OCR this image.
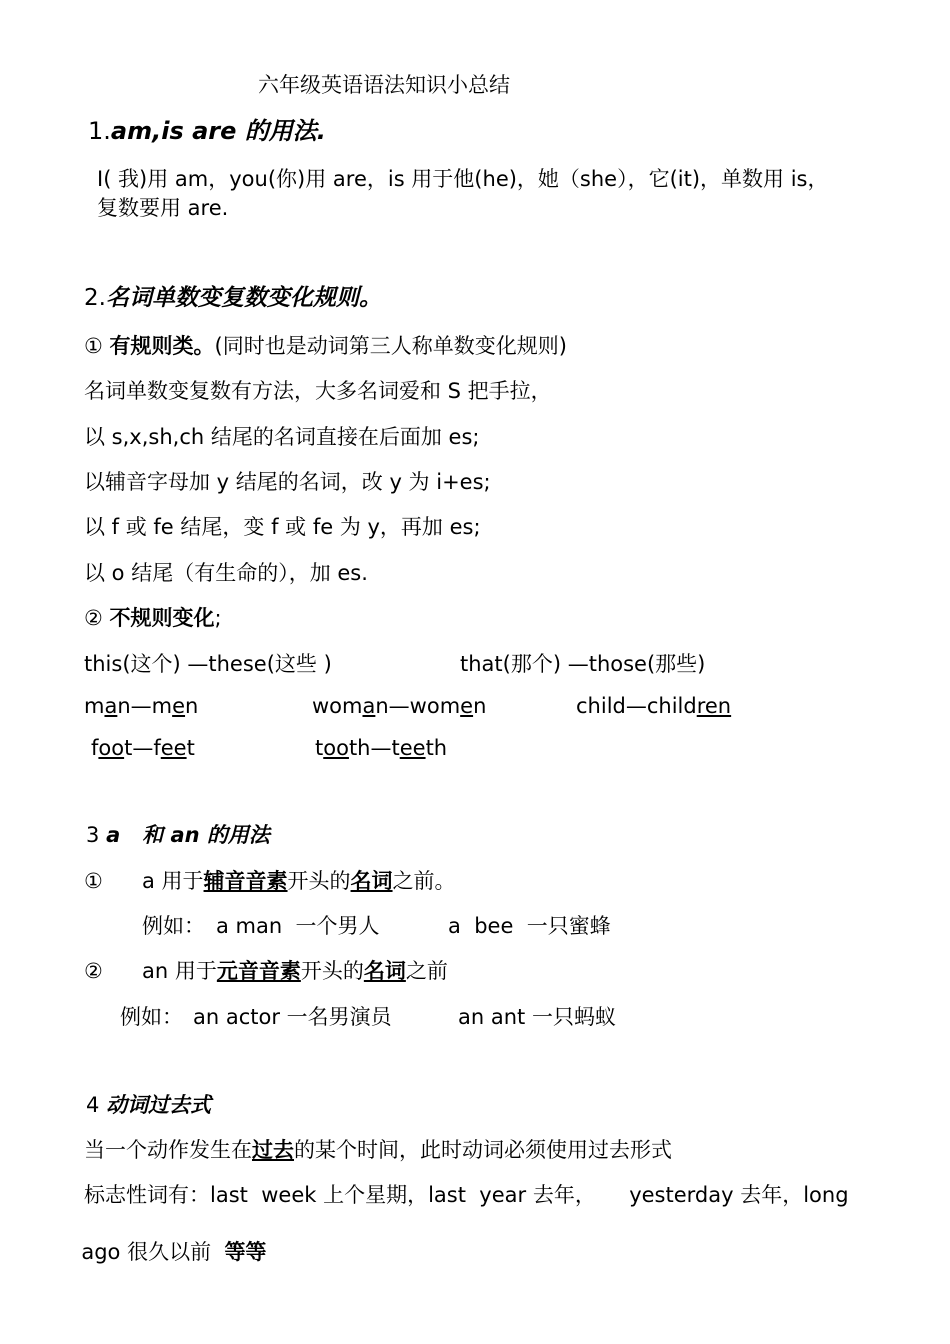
六年级英语语法知识小总结
1.am,is are 的用法.
I( 我)用 am，you(你)用 are，is 用于他(he)，她（she），它(it)，单数用 is，
复数要用 are.
2.名词单数变复数变化规则。
① 有规则类。(同时也是动词第三人称单数变化规则)
名词单数变复数有方法，大多名词爱和 S 把手拉，
以 s,x,sh,ch 结尾的名词直接在后面加 es;
以辅音字母加 y 结尾的名词，改 y 为 i+es;
以 f 或 fe 结尾，变 f 或 fe 为 y，再加 es;
以 o 结尾（有生命的），加 es.
② 不规则变化;
this(这个) —these(这些 )	that(那个) —those(那些)
man—men	woman—women	child—children
foot—feet	tooth—teeth
3 a   和 an 的用法
① a 用于辅音音素开头的名词之前。
例如： a man  一个男人	a  bee  一只蜜蜂
② an 用于元音音素开头的名词之前
例如： an actor 一名男演员	an ant 一只蚂蚁
4 动词过去式
当一个动作发生在过去的某个时间，此时动词必须使用过去形式
标志性词有：last  week 上个星期，last  year 去年，     yesterday 去年，long

ago 很久以前  等等
